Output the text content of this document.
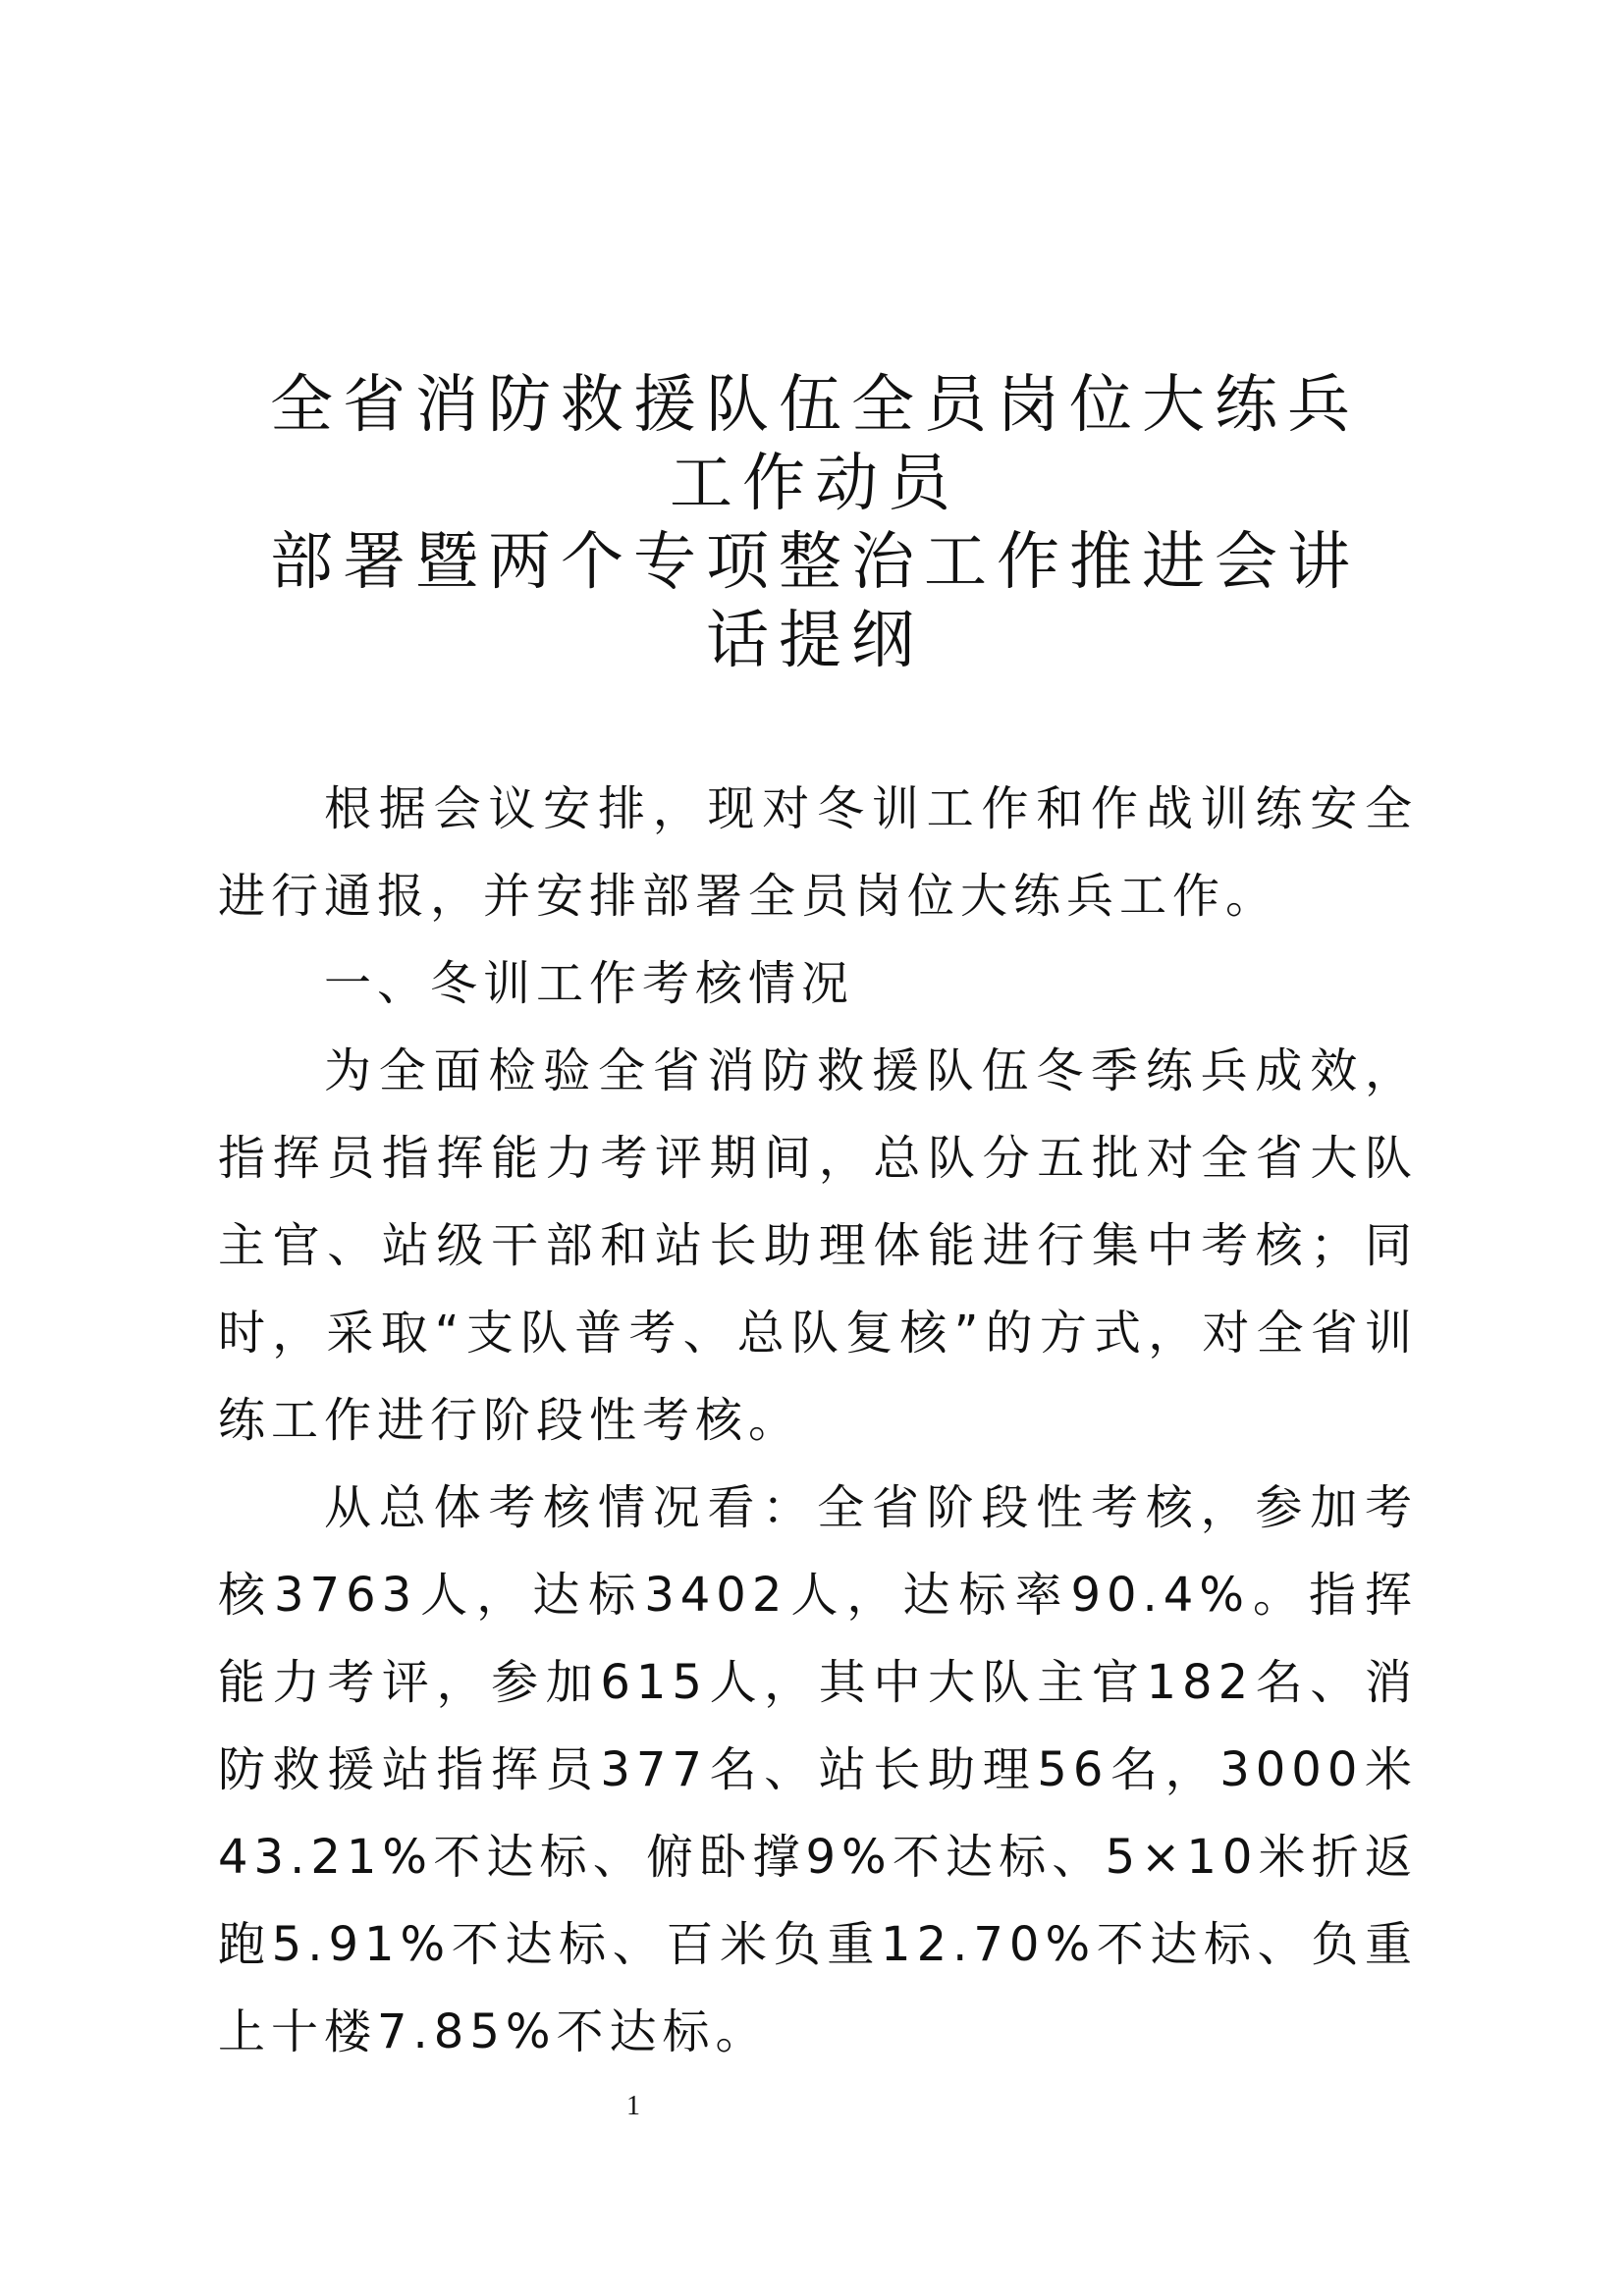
全省消防救援队伍全员岗位大练兵
工作动员
部署暨两个专项整治工作推进会讲
话提纲

根据会议安排，现对冬训工作和作战训练安全进行通报，并安排部署全员岗位大练兵工作。

一、冬训工作考核情况

为全面检验全省消防救援队伍冬季练兵成效，指挥员指挥能力考评期间，总队分五批对全省大队主官、站级干部和站长助理体能进行集中考核；同时，采取“支队普考、总队复核”的方式，对全省训练工作进行阶段性考核。

从总体考核情况看：全省阶段性考核，参加考核3763人，达标3402人，达标率90.4%。指挥能力考评，参加615人，其中大队主官182名、消防救援站指挥员377名、站长助理56名，3000米43.21%不达标、俯卧撑9%不达标、5×10米折返跑5.91%不达标、百米负重12.70%不达标、负重上十楼7.85%不达标。

1
